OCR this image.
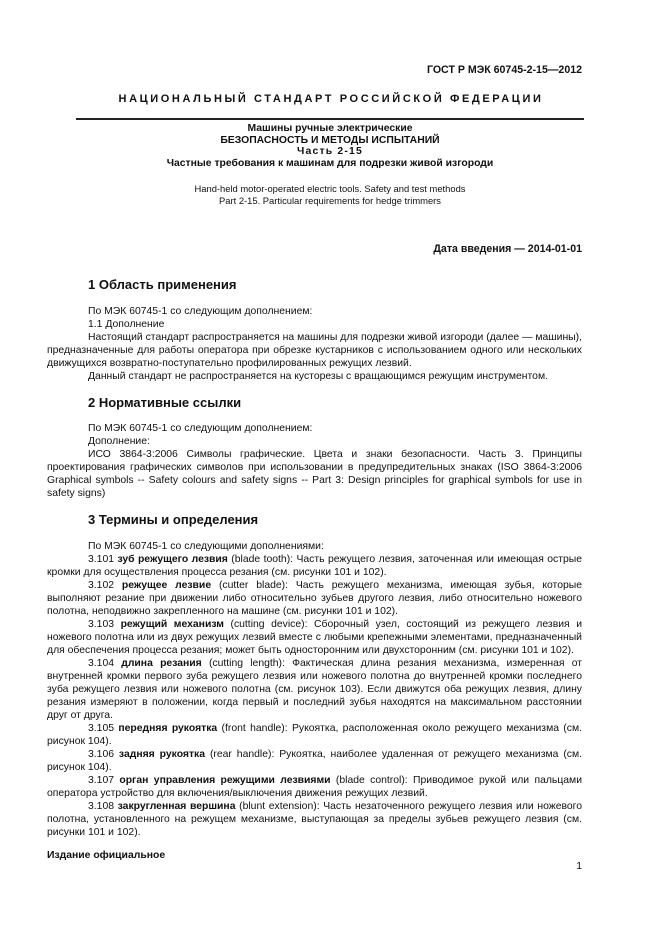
ГОСТ Р МЭК 60745-2-15—2012
НАЦИОНАЛЬНЫЙ СТАНДАРТ РОССИЙСКОЙ ФЕДЕРАЦИИ
Машины ручные электрические
БЕЗОПАСНОСТЬ И МЕТОДЫ ИСПЫТАНИЙ
Часть 2-15
Частные требования к машинам для подрезки живой изгороди
Hand-held motor-operated electric tools. Safety and test methods
Part 2-15. Particular requirements for hedge trimmers
Дата введения — 2014-01-01
1 Область применения

По МЭК 60745-1 со следующим дополнением:

1.1 Дополнение

Настоящий стандарт распространяется на машины для подрезки живой изгороди (далее — машины), предназначенные для работы оператора при обрезке кустарников с использованием одного или нескольких движущихся возвратно-поступательно профилированных режущих лезвий.

Данный стандарт не распространяется на кусторезы с вращающимся режущим инструментом.

2 Нормативные ссылки

По МЭК 60745-1 со следующим дополнением:

Дополнение:

ИСО 3864-3:2006 Символы графические. Цвета и знаки безопасности. Часть 3. Принципы проектирования графических символов при использовании в предупредительных знаках (ISO 3864-3:2006 Graphical symbols -- Safety colours and safety signs -- Part 3: Design principles for graphical symbols for use in safety signs)

3 Термины и определения

По МЭК 60745-1 со следующими дополнениями:

3.101 зуб режущего лезвия (blade tooth): Часть режущего лезвия, заточенная или имеющая острые кромки для осуществления процесса резания (см. рисунки 101 и 102).

3.102 режущее лезвие (cutter blade): Часть режущего механизма, имеющая зубья, которые выполняют резание при движении либо относительно зубьев другого лезвия, либо относительно ножевого полотна, неподвижно закрепленного на машине (см. рисунки 101 и 102).

3.103 режущий механизм (cutting device): Сборочный узел, состоящий из режущего лезвия и ножевого полотна или из двух режущих лезвий вместе с любыми крепежными элементами, предназначенный для обеспечения процесса резания; может быть односторонним или двухсторонним (см. рисунки 101 и 102).

3.104 длина резания (cutting length): Фактическая длина резания механизма, измеренная от внутренней кромки первого зуба режущего лезвия или ножевого полотна до внутренней кромки последнего зуба режущего лезвия или ножевого полотна (см. рисунок 103). Если движутся оба режущих лезвия, длину резания измеряют в положении, когда первый и последний зубья находятся на максимальном расстоянии друг от друга.

3.105 передняя рукоятка (front handle): Рукоятка, расположенная около режущего механизма (см. рисунок 104).

3.106 задняя рукоятка (rear handle): Рукоятка, наиболее удаленная от режущего механизма (см. рисунок 104).

3.107 орган управления режущими лезвиями (blade control): Приводимое рукой или пальцами оператора устройство для включения/выключения движения режущих лезвий.

3.108 закругленная вершина (blunt extension): Часть незаточенного режущего лезвия или ножевого полотна, установленного на режущем механизме, выступающая за пределы зубьев режущего лезвия (см. рисунки 101 и 102).

Издание официальное
1
